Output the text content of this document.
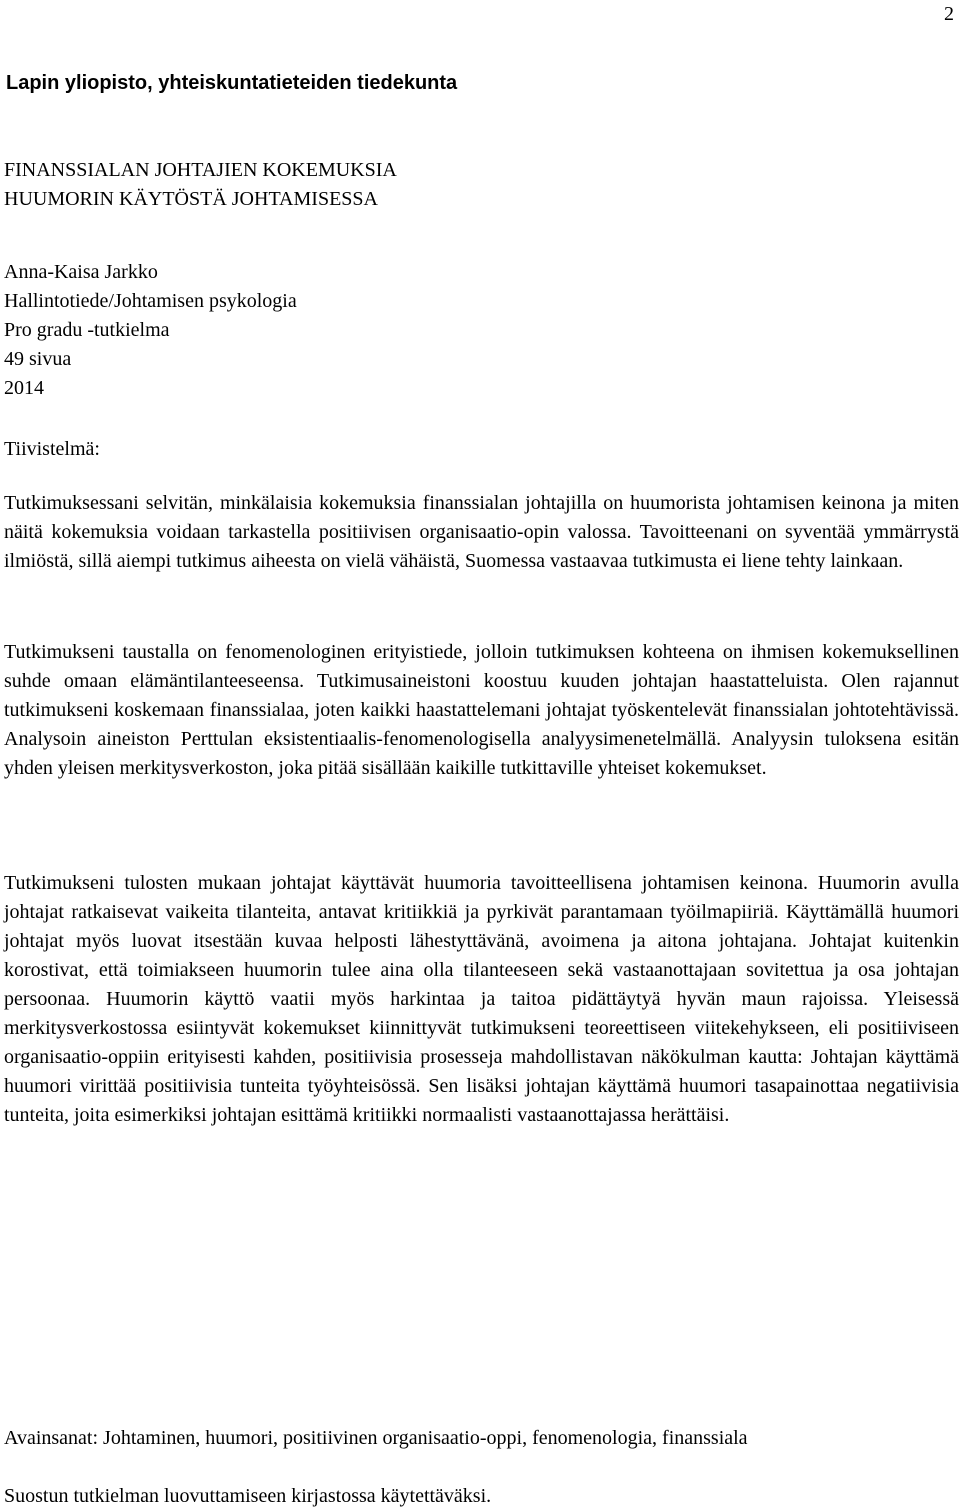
2
Lapin yliopisto, yhteiskuntatieteiden tiedekunta
FINANSSIALAN JOHTAJIEN KOKEMUKSIA
HUUMORIN KÄYTÖSTÄ JOHTAMISESSA
Anna-Kaisa Jarkko
Hallintotiede/Johtamisen psykologia
Pro gradu -tutkielma
49 sivua
2014
Tiivistelmä:
Tutkimuksessani selvitän, minkälaisia kokemuksia finanssialan johtajilla on huumorista johtamisen keinona ja miten näitä kokemuksia voidaan tarkastella positiivisen organisaatio-opin valossa. Tavoitteenani on syventää ymmärrystä ilmiöstä, sillä aiempi tutkimus aiheesta on vielä vähäistä, Suomessa vastaavaa tutkimusta ei liene tehty lainkaan.
Tutkimukseni taustalla on fenomenologinen erityistiede, jolloin tutkimuksen kohteena on ihmisen kokemuksellinen suhde omaan elämäntilanteeseensa. Tutkimusaineistoni koostuu kuuden johtajan haastatteluista. Olen rajannut tutkimukseni koskemaan finanssialaa, joten kaikki haastattelemani johtajat työskentelevät finanssialan johtotehtävissä. Analysoin aineiston Perttulan eksistentiaalis-fenomenologisella analyysimenetelmällä. Analyysin tuloksena esitän yhden yleisen merkitysverkoston, joka pitää sisällään kaikille tutkittaville yhteiset kokemukset.
Tutkimukseni tulosten mukaan johtajat käyttävät huumoria tavoitteellisena johtamisen keinona. Huumorin avulla johtajat ratkaisevat vaikeita tilanteita, antavat kritiikkiä ja pyrkivät parantamaan työilmapiiriä. Käyttämällä huumori johtajat myös luovat itsestään kuvaa helposti lähestyttävänä, avoimena ja aitona johtajana. Johtajat kuitenkin korostivat, että toimiakseen huumorin tulee aina olla tilanteeseen sekä vastaanottajaan sovitettua ja osa johtajan persoonaa. Huumorin käyttö vaatii myös harkintaa ja taitoa pidättäytyä hyvän maun rajoissa. Yleisessä merkitysverkostossa esiintyvät kokemukset kiinnittyvät tutkimukseni teoreettiseen viitekehykseen, eli positiiviseen organisaatio-oppiin erityisesti kahden, positiivisia prosesseja mahdollistavan näkökulman kautta: Johtajan käyttämä huumori virittää positiivisia tunteita työyhteisössä. Sen lisäksi johtajan käyttämä huumori tasapainottaa negatiivisia tunteita, joita esimerkiksi johtajan esittämä kritiikki normaalisti vastaanottajassa herättäisi.
Avainsanat: Johtaminen, huumori, positiivinen organisaatio-oppi, fenomenologia, finanssiala
Suostun tutkielman luovuttamiseen kirjastossa käytettäväksi.
